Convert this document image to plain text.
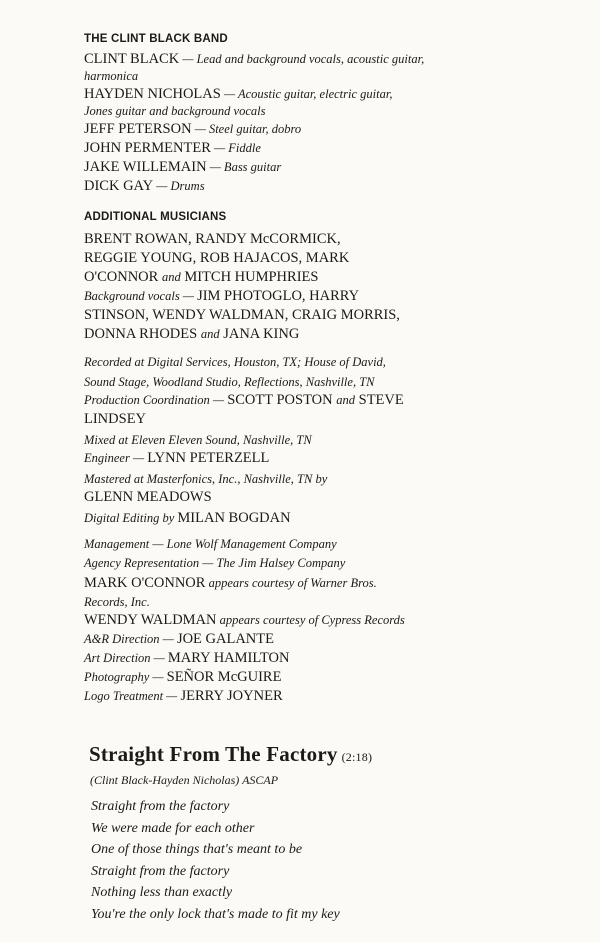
THE CLINT BLACK BAND
CLINT BLACK — Lead and background vocals, acoustic guitar,
harmonica
HAYDEN NICHOLAS — Acoustic guitar, electric guitar,
Jones guitar and background vocals
JEFF PETERSON — Steel guitar, dobro
JOHN PERMENTER — Fiddle
JAKE WILLEMAIN — Bass guitar
DICK GAY — Drums
ADDITIONAL MUSICIANS
BRENT ROWAN, RANDY McCORMICK,
REGGIE YOUNG, ROB HAJACOS, MARK
O'CONNOR and MITCH HUMPHRIES
Background vocals — JIM PHOTOGLO, HARRY
STINSON, WENDY WALDMAN, CRAIG MORRIS,
DONNA RHODES and JANA KING
Recorded at Digital Services, Houston, TX; House of David,
Sound Stage, Woodland Studio, Reflections, Nashville, TN
Production Coordination — SCOTT POSTON and STEVE
LINDSEY
Mixed at Eleven Eleven Sound, Nashville, TN
Engineer — LYNN PETERZELL
Mastered at Masterfonics, Inc., Nashville, TN by
GLENN MEADOWS
Digital Editing by MILAN BOGDAN
Management — Lone Wolf Management Company
Agency Representation — The Jim Halsey Company
MARK O'CONNOR appears courtesy of Warner Bros.
Records, Inc.
WENDY WALDMAN appears courtesy of Cypress Records
A&R Direction — JOE GALANTE
Art Direction — MARY HAMILTON
Photography — SEÑOR McGUIRE
Logo Treatment — JERRY JOYNER
Straight From The Factory (2:18)
(Clint Black-Hayden Nicholas) ASCAP
Straight from the factory
We were made for each other
One of those things that's meant to be
Straight from the factory
Nothing less than exactly
You're the only lock that's made to fit my key
